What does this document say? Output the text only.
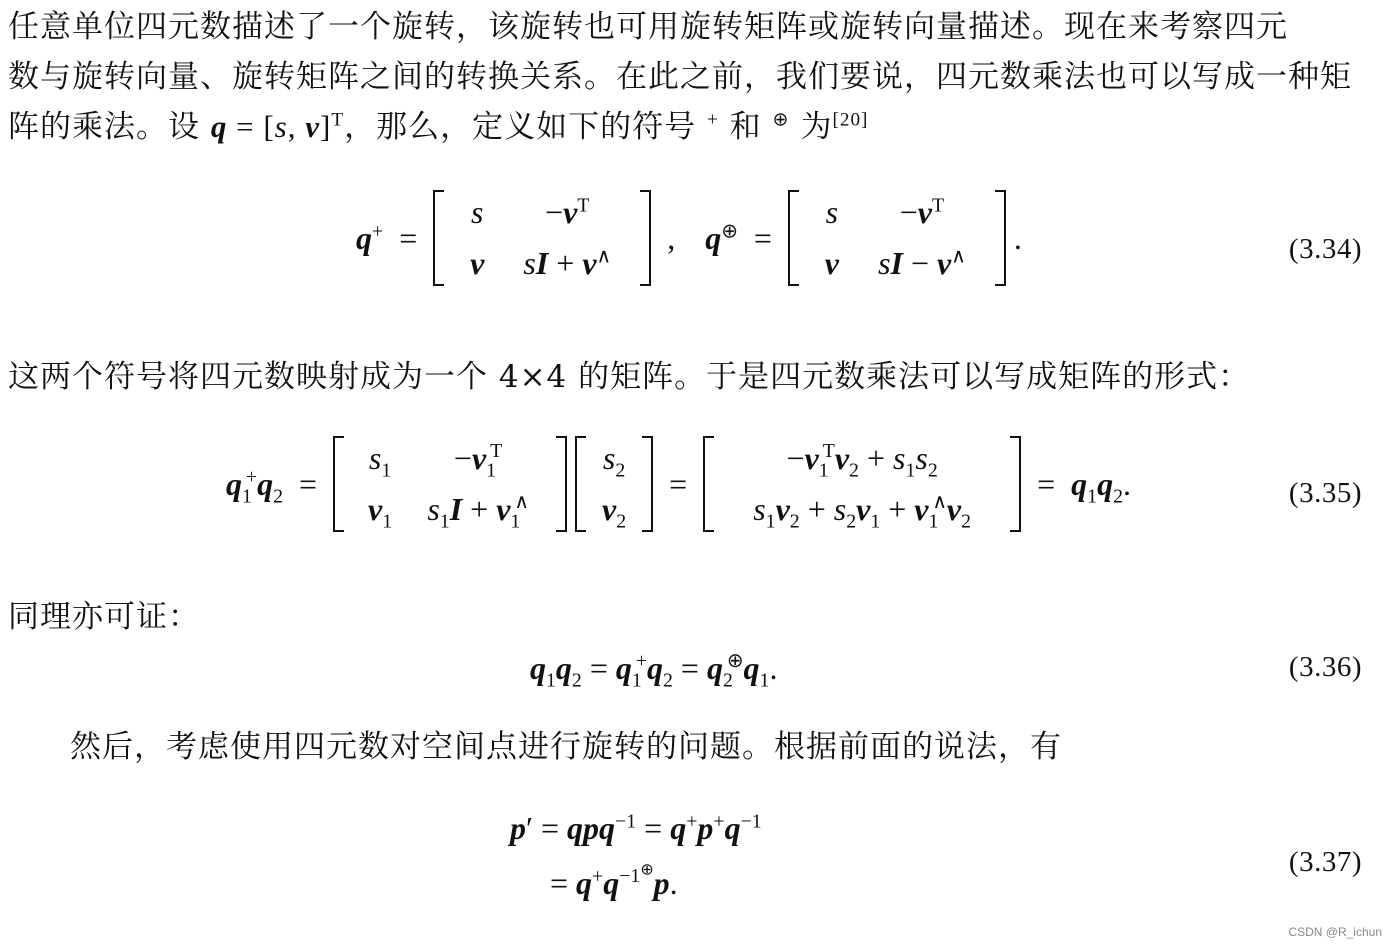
任意单位四元数描述了一个旋转，该旋转也可用旋转矩阵或旋转向量描述。现在来考察四元
数与旋转向量、旋转矩阵之间的转换关系。在此之前，我们要说，四元数乘法也可以写成一种矩
阵的乘法。设 q = [s, v]$^T$，那么，定义如下的符号 + 和 ⊕ 为[20]
q+ =
s	$-v^T$
v	sI + v∧
, q⊕ =
s	$-v^T$
v	sI − v∧
.	(3.34)
这两个符号将四元数映射成为一个 4×4 的矩阵。于是四元数乘法可以写成矩阵的形式：
$q_1^+q_2$ =
$s_1$	$-v_1^T$
$v_1$	$s_1I + v_1^\wedge$
$s_2$
$v_2$
=
$-v_1^Tv_2 + s_1s_2$
$s_1v_2 + s_2v_1 + v_1^\wedge v_2$
= $q_1q_2$.	(3.35)
同理亦可证：
$q_1q_2 = q_1^+q_2 = q_2^\oplus q_1$.	(3.36)
然后，考虑使用四元数对空间点进行旋转的问题。根据前面的说法，有
$p' = qpq^{-1} = q^+p^+q^{-1}$
= $q^+q^{-1^\oplus}p$.
(3.37)
CSDN @R_ichun
